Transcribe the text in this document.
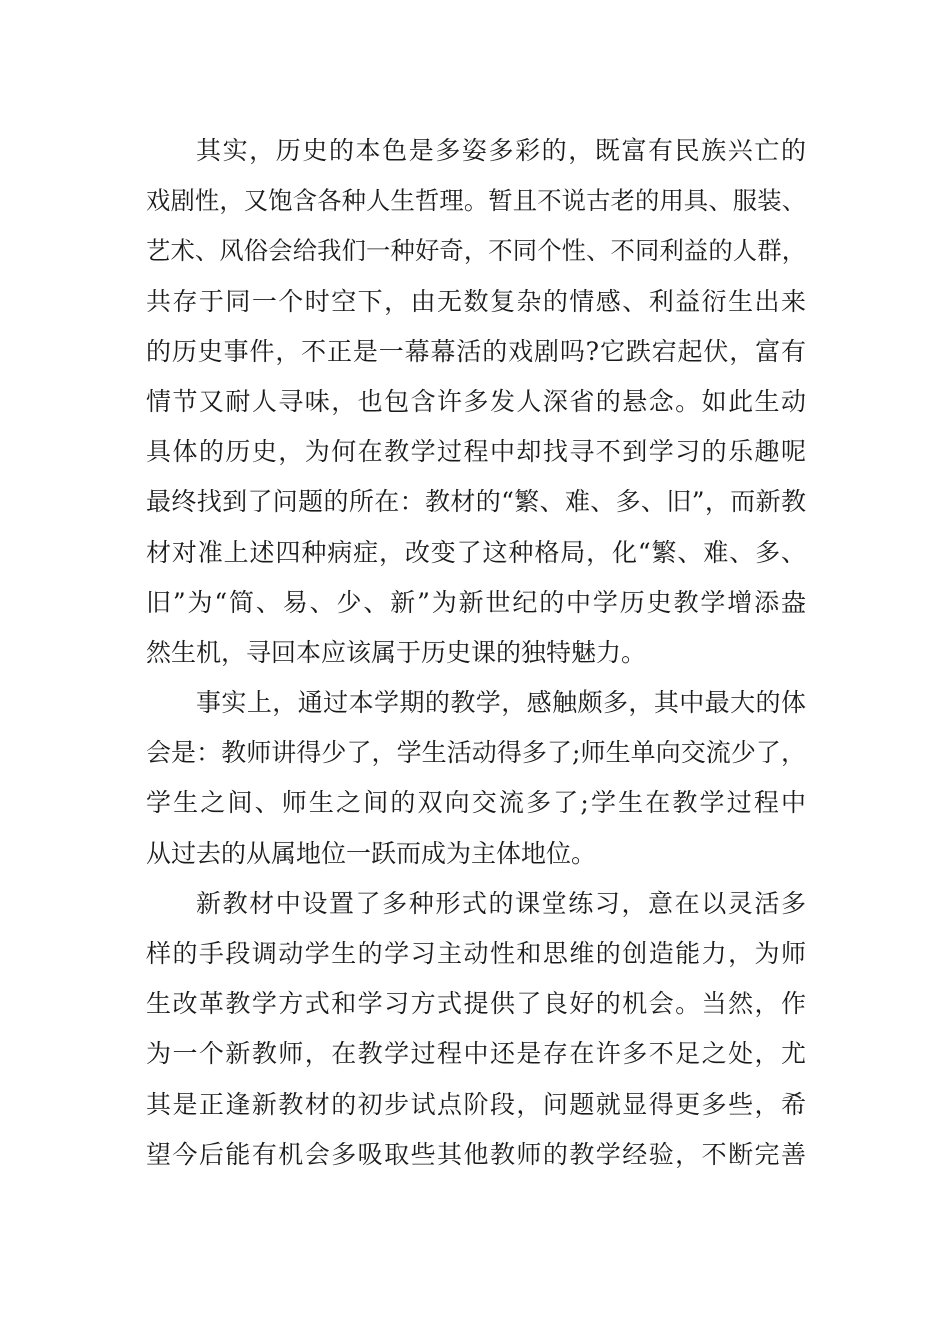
其实，历史的本色是多姿多彩的，既富有民族兴亡的
戏剧性，又饱含各种人生哲理。暂且不说古老的用具、服装、
艺术、风俗会给我们一种好奇，不同个性、不同利益的人群，
共存于同一个时空下，由无数复杂的情感、利益衍生出来
的历史事件，不正是一幕幕活的戏剧吗?它跌宕起伏，富有
情节又耐人寻味，也包含许多发人深省的悬念。如此生动
具体的历史，为何在教学过程中却找寻不到学习的乐趣呢
最终找到了问题的所在：教材的“繁、难、多、旧”，而新教
材对准上述四种病症，改变了这种格局，化“繁、难、多、
旧”为“简、易、少、新”为新世纪的中学历史教学增添盎
然生机，寻回本应该属于历史课的独特魅力。
事实上，通过本学期的教学，感触颇多，其中最大的体
会是：教师讲得少了，学生活动得多了;师生单向交流少了，
学生之间、师生之间的双向交流多了;学生在教学过程中
从过去的从属地位一跃而成为主体地位。
新教材中设置了多种形式的课堂练习，意在以灵活多
样的手段调动学生的学习主动性和思维的创造能力，为师
生改革教学方式和学习方式提供了良好的机会。当然，作
为一个新教师，在教学过程中还是存在许多不足之处，尤
其是正逢新教材的初步试点阶段，问题就显得更多些，希
望今后能有机会多吸取些其他教师的教学经验，不断完善
